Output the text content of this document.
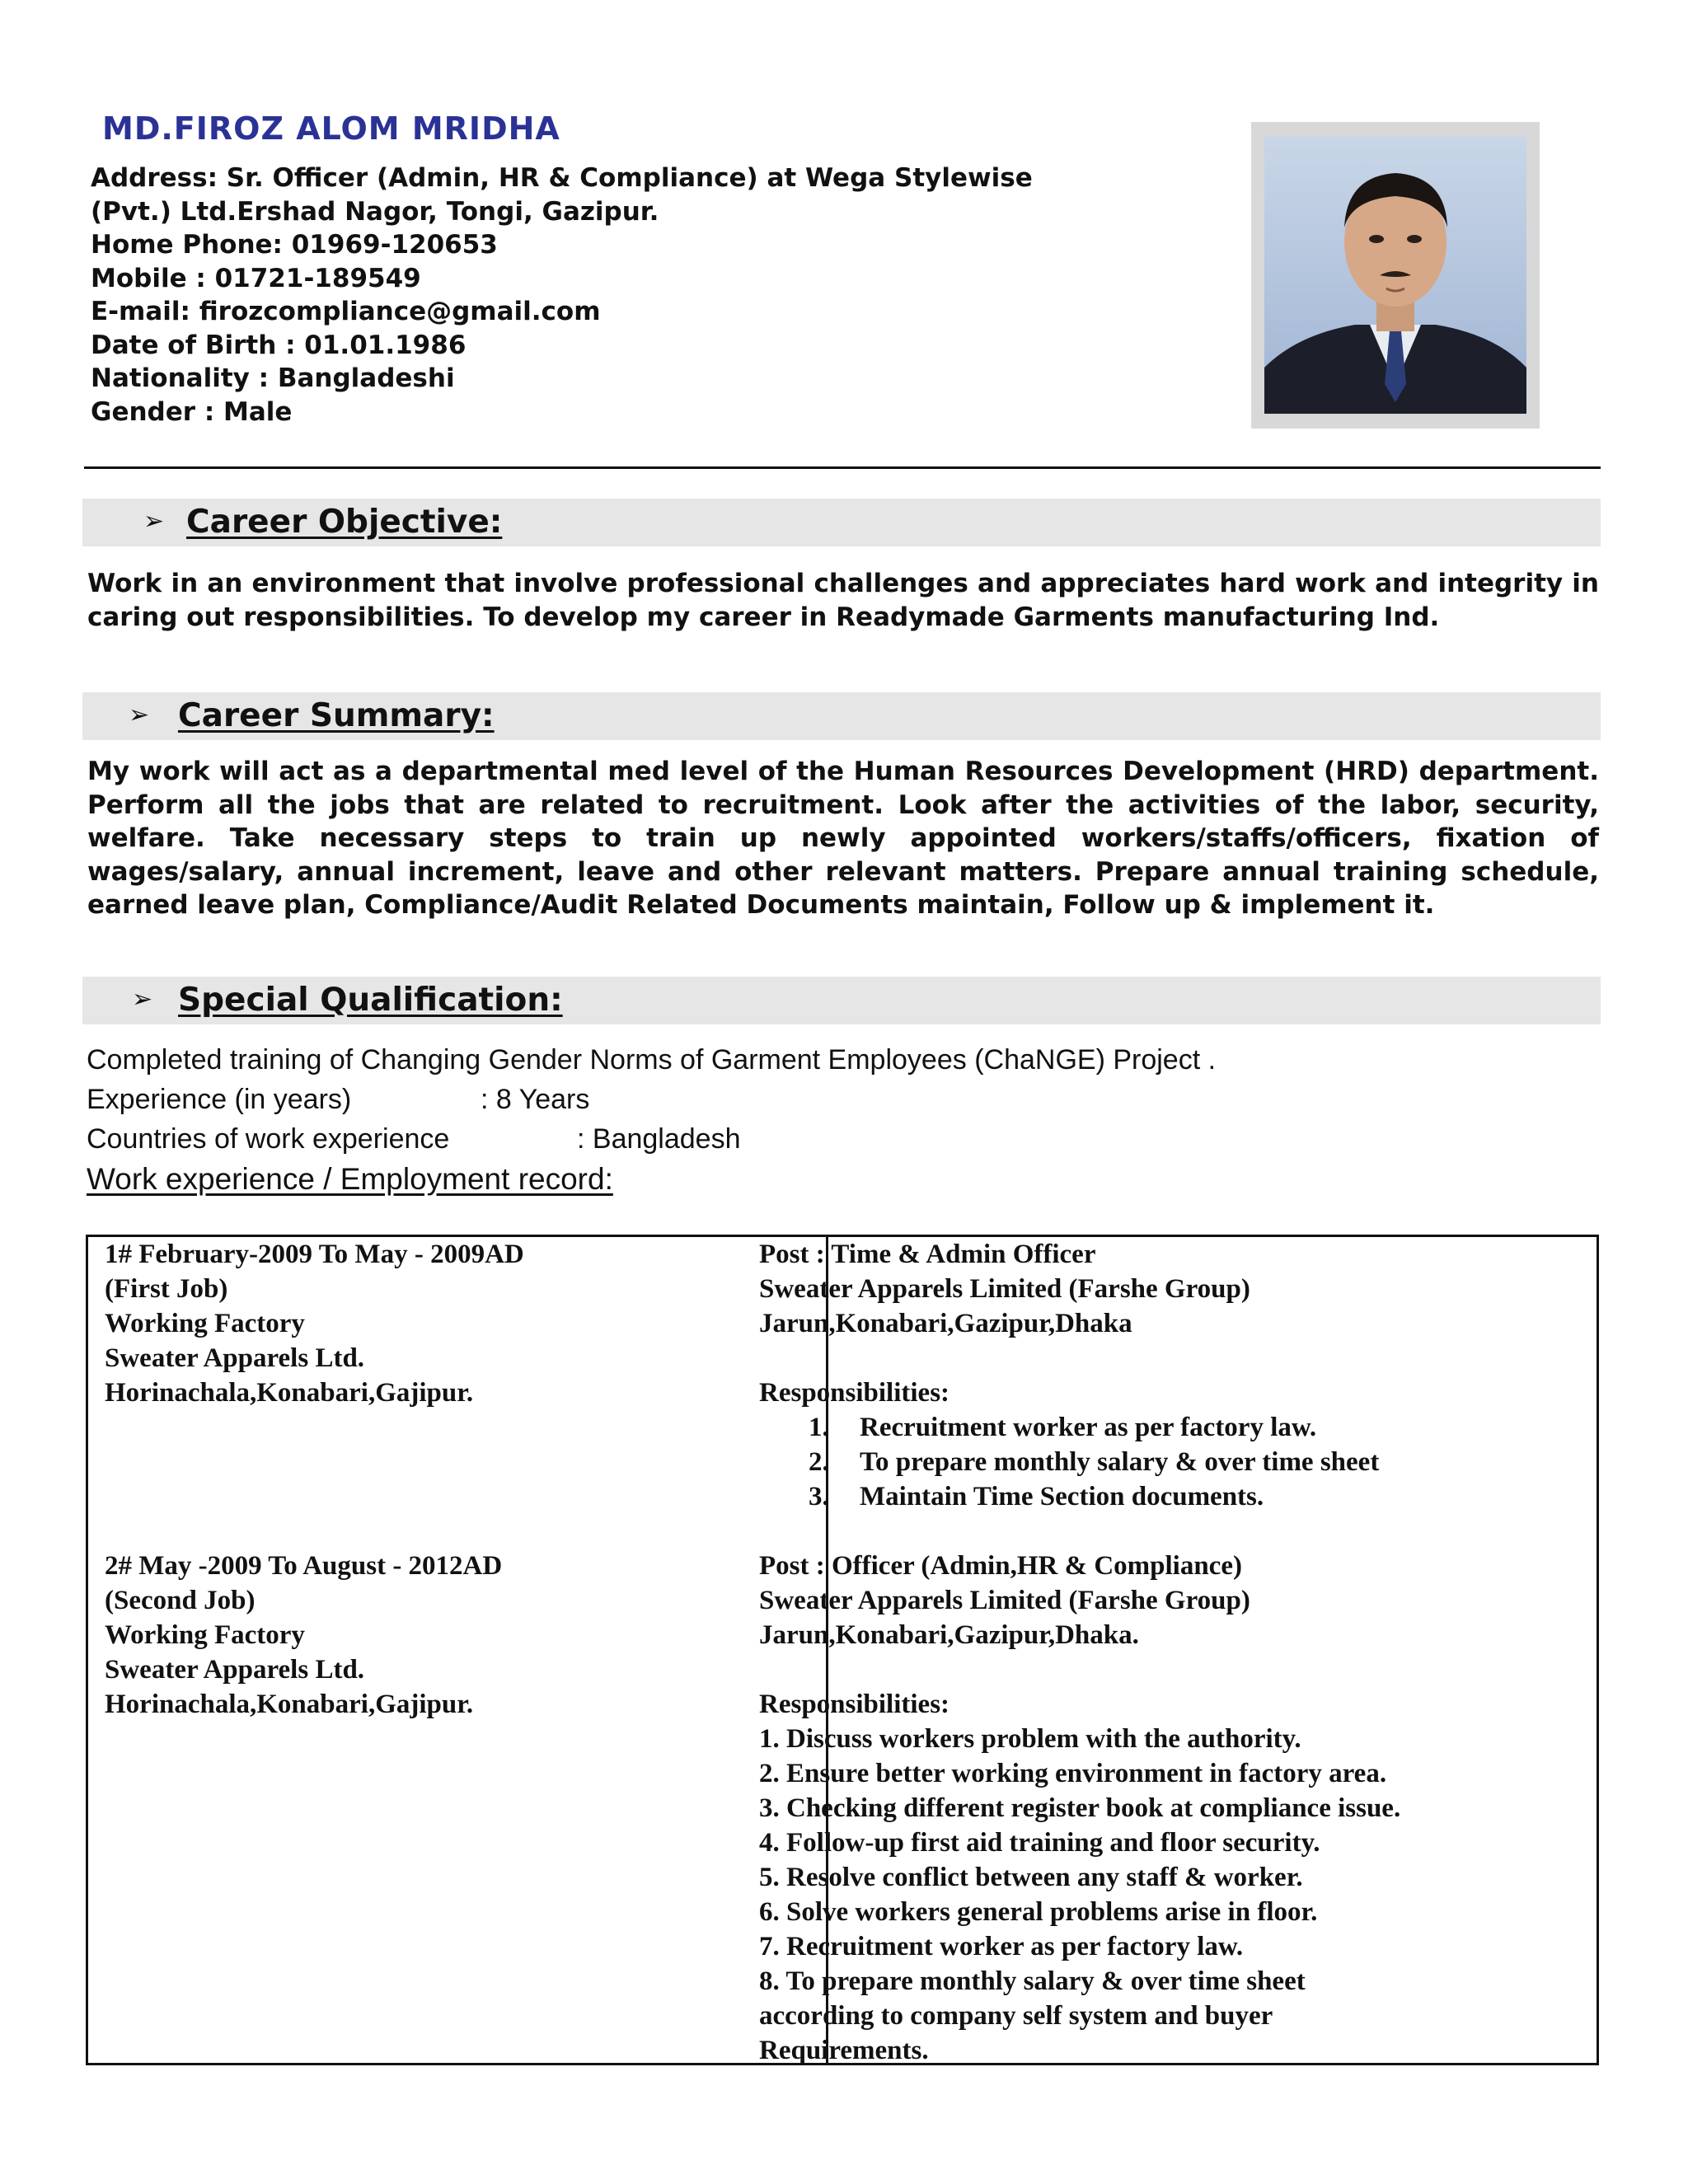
MD.FIROZ ALOM MRIDHA
Address: Sr. Officer (Admin, HR & Compliance) at Wega Stylewise
(Pvt.) Ltd.Ershad Nagor, Tongi, Gazipur.
Home Phone: 01969-120653
Mobile : 01721-189549
E-mail: firozcompliance@gmail.com
Date of Birth : 01.01.1986
Nationality : Bangladeshi
Gender : Male
➢ Career Objective:
Work in an environment that involve professional challenges and appreciates hard work and integrity in caring out responsibilities. To develop my career in Readymade Garments manufacturing Ind.
➢ Career Summary:
My work will act as a departmental med level of the Human Resources Development (HRD) department. Perform all the jobs that are related to recruitment. Look after the activities of the labor, security, welfare. Take necessary steps to train up newly appointed workers/staffs/officers, fixation of wages/salary, annual increment, leave and other relevant matters. Prepare annual training schedule, earned leave plan, Compliance/Audit Related Documents maintain, Follow up & implement it.
➢ Special Qualification:
Completed training of Changing Gender Norms of Garment Employees (ChaNGE) Project .
Experience (in years)	: 8 Years
Countries of work experience	: Bangladesh
Work experience / Employment record:
1# February-2009 To May - 2009AD
(First Job)
Working Factory
Sweater Apparels Ltd.
Horinachala,Konabari,Gajipur.
Post : Time & Admin Officer
Sweater Apparels Limited (Farshe Group)
Jarun,Konabari,Gazipur,Dhaka
Responsibilities:
1. Recruitment worker as per factory law.
2. To prepare monthly salary & over time sheet
3. Maintain Time Section documents.
2# May -2009 To August - 2012AD
(Second Job)
Working Factory
Sweater Apparels Ltd.
Horinachala,Konabari,Gajipur.
Post : Officer (Admin,HR & Compliance)
Sweater Apparels Limited (Farshe Group)
Jarun,Konabari,Gazipur,Dhaka.
Responsibilities:
1. Discuss workers problem with the authority.
2. Ensure better working environment in factory area.
3. Checking different register book at compliance issue.
4. Follow-up first aid training and floor security.
5. Resolve conflict between any staff & worker.
6. Solve workers general problems arise in floor.
7. Recruitment worker as per factory law.
8. To prepare monthly salary & over time sheet
according to company self system and buyer
Requirements.
